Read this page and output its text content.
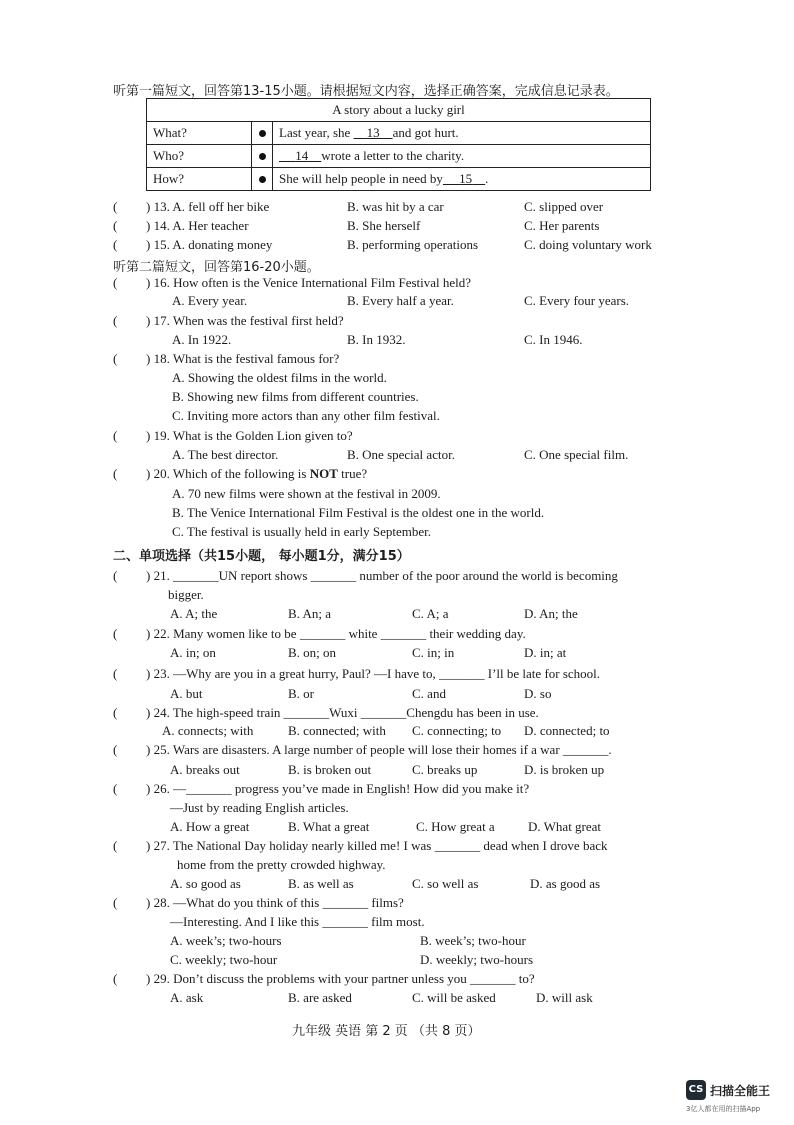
听第一篇短文，回答第13-15小题。请根据短文内容，选择正确答案，完成信息记录表。
A story about a lucky girl		
What?		Last year, she 13 and got hurt.
Who?		14 wrote a letter to the charity.
How?		She will help people in need by 15 .
( ) 13. A. fell off her bike	B. was hit by a car	C. slipped over
( ) 14. A. Her teacher	B. She herself	C. Her parents
( ) 15. A. donating money	B. performing operations	C. doing voluntary work
听第二篇短文，回答第16-20小题。
( ) 16. How often is the Venice International Film Festival held?
A. Every year.	B. Every half a year.	C. Every four years.
( ) 17. When was the festival first held?
A. In 1922.	B. In 1932.	C. In 1946.
( ) 18. What is the festival famous for?
A. Showing the oldest films in the world.
B. Showing new films from different countries.
C. Inviting more actors than any other film festival.
( ) 19. What is the Golden Lion given to?
A. The best director.	B. One special actor.	C. One special film.
( ) 20. Which of the following is NOT true?
A. 70 new films were shown at the festival in 2009.
B. The Venice International Film Festival is the oldest one in the world.
C. The festival is usually held in early September.
二、单项选择（共15小题， 每小题1分，满分15）
( ) 21. _______UN report shows _______ number of the poor around the world is becoming
bigger.
A. A; the	B. An; a	C. A; a	D. An; the
( ) 22. Many women like to be _______ white _______ their wedding day.
A. in; on	B. on; on	C. in; in	D. in; at
( ) 23. —Why are you in a great hurry, Paul? —I have to, _______ I’ll be late for school.
A. but	B. or	C. and	D. so
( ) 24. The high-speed train _______Wuxi _______Chengdu has been in use.
A. connects; with	B. connected; with C. connecting; to D. connected; to
( ) 25. Wars are disasters. A large number of people will lose their homes if a war _______.
A. breaks out	B. is broken out	C. breaks up	D. is broken up
( ) 26. —_______ progress you’ve made in English! How did you make it?
—Just by reading English articles.
A. How a great	B. What a great	C. How great a	D. What great
( ) 27. The National Day holiday nearly killed me! I was _______ dead when I drove back
home from the pretty crowded highway.
A. so good as	B. as well as	C. so well as	D. as good as
( ) 28. —What do you think of this _______ films?
—Interesting. And I like this _______ film most.
A. week’s; two-hours	B. week’s; two-hour
C. weekly; two-hour	D. weekly; two-hours
( ) 29. Don’t discuss the problems with your partner unless you _______ to?
A. ask	B. are asked	C. will be asked	D. will ask
九年级 英语 第 2 页 （共 8 页）
CS 扫描全能王
3亿人都在用的扫描App
